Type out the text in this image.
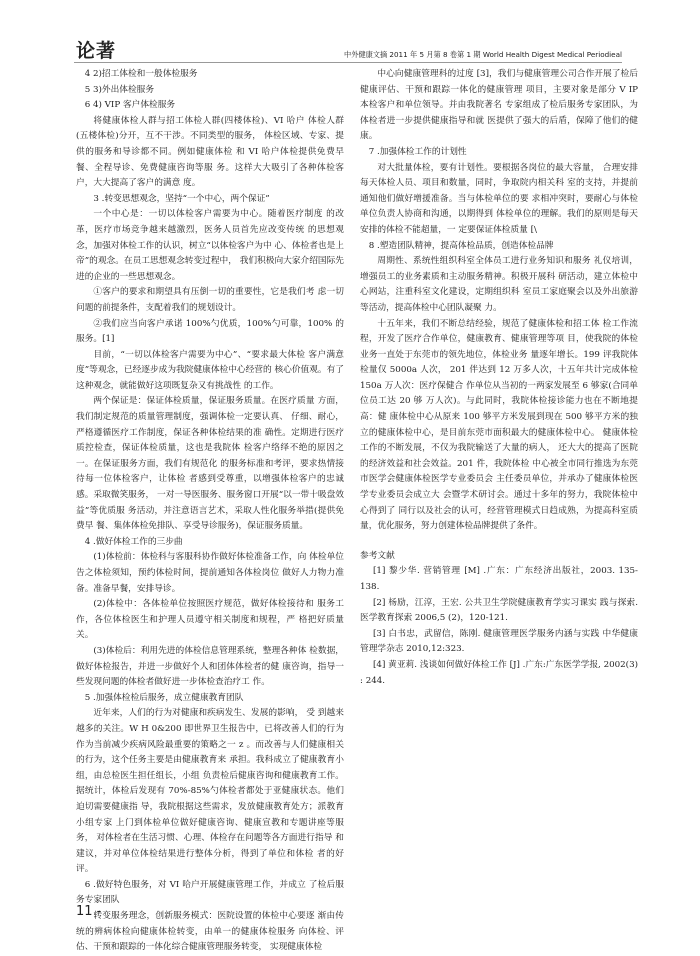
论著	中外健康文摘 2011 年 5 月第 8 卷第 1 期 World Health Digest Medical Periodieal

4 2)招工体检和一般体检服务

5 3)外出体检服务

6 4) VIP 客户体检服务

将健康体检人群与招工体检人群(四楼体检)、VI 哈户 体检人群(五楼体检)分开，互不干涉。不同类型的服务， 体检区域、专家、提供的服务和导诊都不同。例如健康体检 和 VI 哈户体检提供免费早餐、全程导诊、免费健康咨询等服 务。这样大大吸引了各种体检客户，大大提高了客户的满意 度。

3 .转变思想观念，坚持“一个中心，两个保证”

一个中心是：一切以体检客户需要为中心。随着医疗制度 的改革，医疗市场竞争越来越激烈，医务人员首先应改变传统 的思想观念，加强对体检工作的认识，树立“以体检客户为中 心、体检者也是上帝”的观念。在员工思想观念转变过程中， 我们积极向大家介绍国际先进的企业的一些思想观念。

①客户的要求和期望具有压倒一切的重要性，它是我们考 虑一切问题的前提条件，支配着我们的规划设计。

②我们应当向客户承诺 100%勺优质，100%勺可靠，100% 的服务。[1]

目前，“一切以体检客户需要为中心”、“要求最大体检 客户满意度”等观念，已经逐步成为我院健康体检中心经营的 核心价值观。有了这种观念，就能做好这项既复杂又有挑战性 的工作。

两个保证是：保证体检质量，保证服务质量。在医疗质量 方面，我们制定规范的质量管理制度，强调体检一定要认真、 仔细、耐心，严格遵循医疗工作制度，保证各种体检结果的准 确性。定期进行医疗质控检查，保证体检质量，这也是我院体 检客户络绎不绝的原因之一。在保证服务方面，我们有规范化 的服务标准和考评，要求热情接待每一位体检客户，让体检 者感到受尊重，以增强体检客户的忠诚感。采取微笑服务， 一对一导医服务、服务窗口开展“以一带十吸盘效益”等优质服 务活动，并注意语言艺术，采取人性化服务举措(提供免费早 餐、集体体检免排队、享受导诊服务)，保证服务质量。

4 .做好体检工作的三步曲

(1)体检前：体检科与客服科协作做好体检准备工作，向 体检单位告之体检须知，预约体检时间，提前通知各体检岗位 做好人力物力准备。准备早餐，安排导诊。

(2)体检中：各体检单位按照医疗规范，做好体检接待和 服务工作，各位体检医生和护理人员遵守相关制度和规程，严 格把好质量关。

(3)体检后：利用先进的体检信息管理系统，整理各种体 检数据，做好体检报告，并进一步做好个人和团体体检者的健 康咨询，指导一些发现问题的体检者做好进一步体检查治疗工 作。

5 .加强体检检后服务，成立健康教育团队

近年来，人们的行为对健康和疾病发生、发展的影响， 受 到越来越多的关注。W H 0&200 即世界卫生报告中，已将改善人们的行为作为当前减少疾病风险最重要的策略之一 z 。而改善与人们健康相关的行为，这个任务主要是由健康教育来 承担。我科成立了健康教育小组，由总检医生担任组长，小组 负责检后健康咨询和健康教育工作。据统计，体检后发现有 70%-85%勺体检者都处于亚健康状态。他们迫切需要健康指 导，我院根据这些需求，发放健康教育处方；派教育小组专家 上门到体检单位做好健康咨询、健康宣教和专题讲座等服务， 对体检者在生活习惯、心理、体检存在问题等各方面进行指导 和建议，并对单位体检结果进行整体分析，得到了单位和体检 者的好评。

6 .做好特色服务，对 VI 哈户开展健康管理工作，并成立 了检后服务专家团队

转变服务理念，创新服务模式：医院设置的体检中心要逐 渐由传统的辨病体检向健康体检转变，由单一的健康体检服务 向体检、评估、干预和跟踪的一体化综合健康管理服务转变， 实现健康体检

中心向健康管理科的过度 [3]，我们与健康管理公司合作开展了检后健康评估、干预和跟踪一体化的健康管理 项目，主要对象是部分 V IP 本检客户和单位领导。并由我院著名 专家组成了检后服务专家团队，为体检者进一步提供健康指导和就 医提供了强大的后盾，保障了他们的健康。

7 .加强体检工作的计划性

对大批量体检，要有计划性。要根据各岗位的最大容量， 合理安排每天体检人员、项目和数量，同时，争取院内相关科 室的支持，并提前通知他们做好增援准备。当与体检单位的要 求相冲突时，要耐心与体检单位负责人协商和沟通，以期得到 体检单位的理解。我们的原则是每天安排的体检不能超量，一 定要保证体检质量 [\

8 .塑造团队精神，提高体检品质，创造体检品牌

周期性、系统性组织科室全体员工进行业务知识和服务 礼仪培训，增强员工的业务素质和主动服务精神。积极开展科 研活动，建立体检中心网站，注重科室文化建设，定期组织科 室员工家庭聚会以及外出旅游等活动，提高体检中心团队凝聚 力。

十五年来，我们不断总结经验，规范了健康体检和招工体 检工作流程，开发了医疗合作单位，健康教育、健康管理等项 目，使我院的体检业务一直处于东莞市的领先地位，体检业务 量逐年增长。199 评我院体检量仅 5000a 人次， 201 伴达到 12 万多人次，十五年共计完成体检 150a 万人次：医疗保健合 作单位从当初的一两家发展至 6 够家(合同单位员工达 20 够 万人次)。与此同时，我院体检接诊能力也在不断地提高：健 康体检中心从原来 100 够平方米发展到现在 500 够平方米的独 立的健康体检中心，是目前东莞市面积最大的健康体检中心。 健康体检工作的不断发展，不仅为我院输送了大量的病人， 还大大的提高了医院的经济效益和社会效益。201 件，我院体检 中心被全市同行推选为东莞市医学会健康体检医学专业委员会 主任委员单位，并承办了健康体检医学专业委员会成立大 会暨学术研讨会。通过十多年的努力，我院体检中心得到了 同行以及社会的认可，经营管理模式日趋成熟，为提高科室质 量，优化服务，努力创建体检品牌提供了条件。

参考文献

[1] 黎少华. 营销管理 [M] .广东：广东经济出版社，2003. 135-138.

[2] 杨励，江淳，王宏. 公共卫生学院健康教育学实习课实 践与探索. 医学教育探索 2006,5 (2)，120-121.

[3] 白书忠，武留信，陈刚. 健康管理医学服务内涵与实践 中华健康管理学杂志 2010,12:323.

[4] 黄亚莉. 浅谈如何做好体检工作 [J] .广东:广东医学学报, 2002(3) : 244.

11 -
